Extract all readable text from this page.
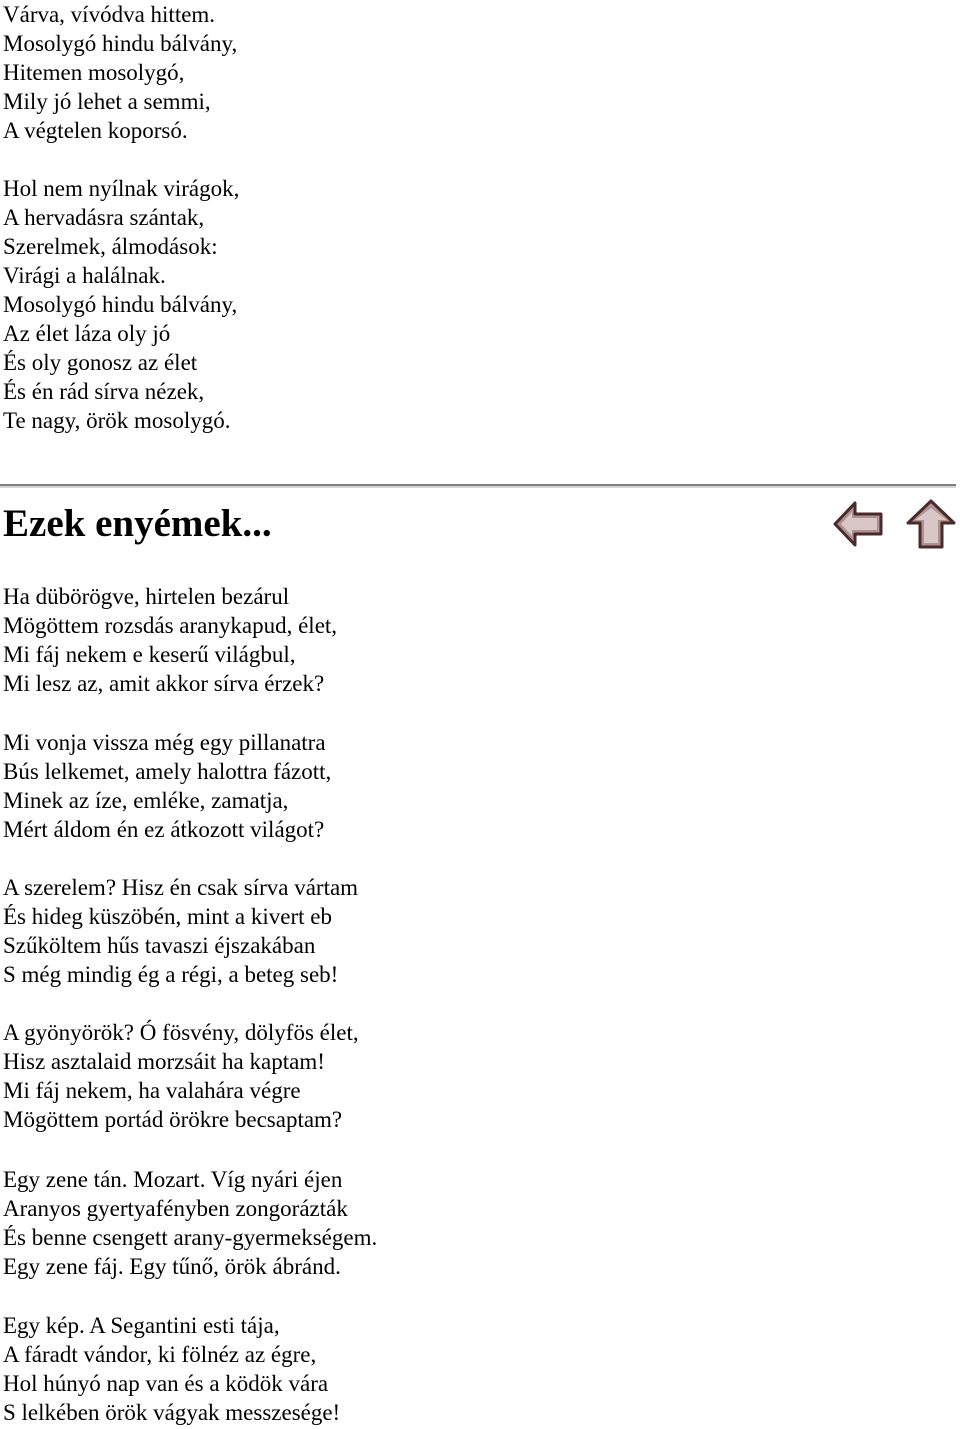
Várva, vívódva hittem.
Mosolygó hindu bálvány,
Hitemen mosolygó,
Mily jó lehet a semmi,
A végtelen koporsó.
Hol nem nyílnak virágok,
A hervadásra szántak,
Szerelmek, álmodások:
Virági a halálnak.
Mosolygó hindu bálvány,
Az élet láza oly jó
És oly gonosz az élet
És én rád sírva nézek,
Te nagy, örök mosolygó.
Ezek enyémek...
Ha dübörögve, hirtelen bezárul
Mögöttem rozsdás aranykapud, élet,
Mi fáj nekem e keserű világbul,
Mi lesz az, amit akkor sírva érzek?
Mi vonja vissza még egy pillanatra
Bús lelkemet, amely halottra fázott,
Minek az íze, emléke, zamatja,
Mért áldom én ez átkozott világot?
A szerelem? Hisz én csak sírva vártam
És hideg küszöbén, mint a kivert eb
Szűköltem hűs tavaszi éjszakában
S még mindig ég a régi, a beteg seb!
A gyönyörök? Ó fösvény, dölyfös élet,
Hisz asztalaid morzsáit ha kaptam!
Mi fáj nekem, ha valahára végre
Mögöttem portád örökre becsaptam?
Egy zene tán. Mozart. Víg nyári éjen
Aranyos gyertyafényben zongorázták
És benne csengett arany-gyermekségem.
Egy zene fáj. Egy tűnő, örök ábránd.
Egy kép. A Segantini esti tája,
A fáradt vándor, ki fölnéz az égre,
Hol húnyó nap van és a ködök vára
S lelkében örök vágyak messzesége!
